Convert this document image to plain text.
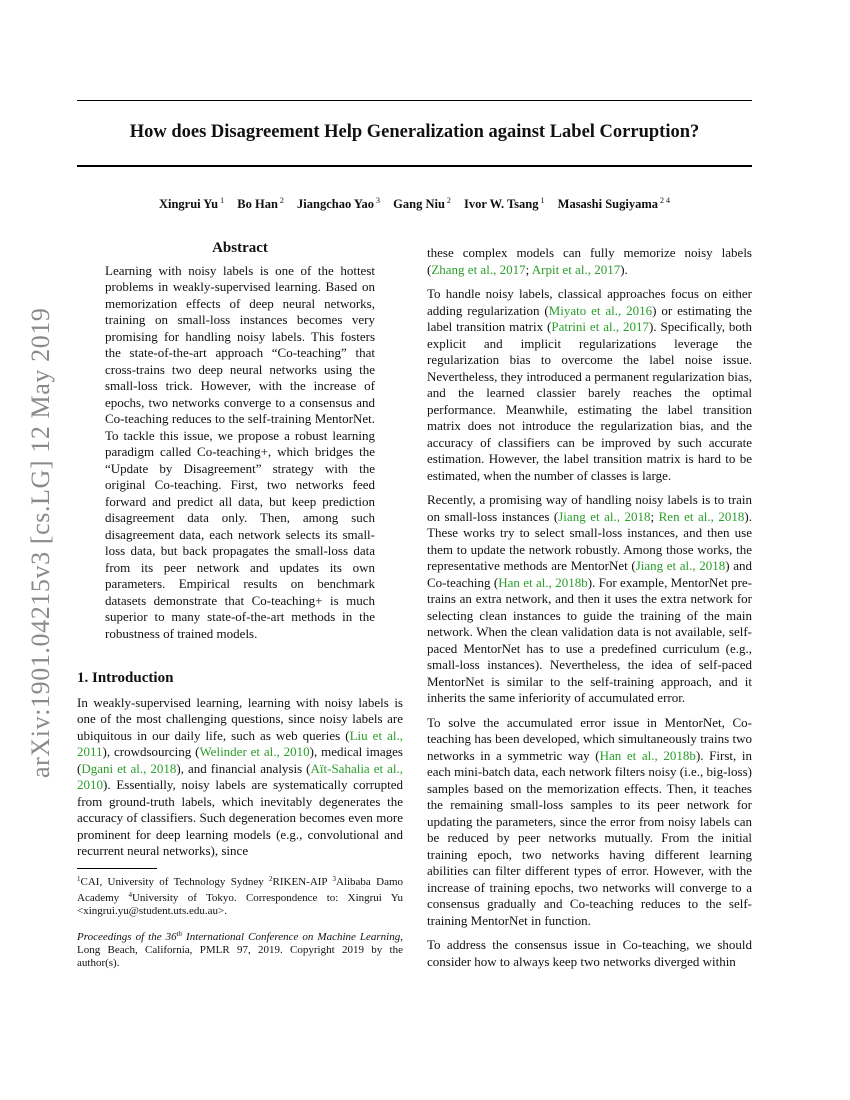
How does Disagreement Help Generalization against Label Corruption?
Xingrui Yu $^1$ Bo Han $^2$ Jiangchao Yao $^3$ Gang Niu $^2$ Ivor W. Tsang $^1$ Masashi Sugiyama $^{2 4}$
arXiv:1901.04215v3 [cs.LG] 12 May 2019
Abstract

Learning with noisy labels is one of the hottest problems in weakly-supervised learning. Based on memorization effects of deep neural networks, training on small-loss instances becomes very promising for handling noisy labels. This fosters the state-of-the-art approach “Co-teaching” that cross-trains two deep neural networks using the small-loss trick. However, with the increase of epochs, two networks converge to a consensus and Co-teaching reduces to the self-training MentorNet. To tackle this issue, we propose a robust learning paradigm called Co-teaching+, which bridges the “Update by Disagreement” strategy with the original Co-teaching. First, two networks feed forward and predict all data, but keep prediction disagreement data only. Then, among such disagreement data, each network selects its small-loss data, but back propagates the small-loss data from its peer network and updates its own parameters. Empirical results on benchmark datasets demonstrate that Co-teaching+ is much superior to many state-of-the-art methods in the robustness of trained models.

1. Introduction

In weakly-supervised learning, learning with noisy labels is one of the most challenging questions, since noisy labels are ubiquitous in our daily life, such as web queries (Liu et al., 2011), crowdsourcing (Welinder et al., 2010), medical images (Dgani et al., 2018), and financial analysis (Aït-Sahalia et al., 2010). Essentially, noisy labels are systematically corrupted from ground-truth labels, which inevitably degenerates the accuracy of classifiers. Such degeneration becomes even more prominent for deep learning models (e.g., convolutional and recurrent neural networks), since

$^1$CAI, University of Technology Sydney $^2$RIKEN-AIP $^3$Alibaba Damo Academy $^4$University of Tokyo. Correspondence to: Xingrui Yu <xingrui.yu@student.uts.edu.au>.

Proceedings of the 36th International Conference on Machine Learning, Long Beach, California, PMLR 97, 2019. Copyright 2019 by the author(s).

these complex models can fully memorize noisy labels (Zhang et al., 2017; Arpit et al., 2017).

To handle noisy labels, classical approaches focus on either adding regularization (Miyato et al., 2016) or estimating the label transition matrix (Patrini et al., 2017). Specifically, both explicit and implicit regularizations leverage the regularization bias to overcome the label noise issue. Nevertheless, they introduced a permanent regularization bias, and the learned classier barely reaches the optimal performance. Meanwhile, estimating the label transition matrix does not introduce the regularization bias, and the accuracy of classifiers can be improved by such accurate estimation. However, the label transition matrix is hard to be estimated, when the number of classes is large.

Recently, a promising way of handling noisy labels is to train on small-loss instances (Jiang et al., 2018; Ren et al., 2018). These works try to select small-loss instances, and then use them to update the network robustly. Among those works, the representative methods are MentorNet (Jiang et al., 2018) and Co-teaching (Han et al., 2018b). For example, MentorNet pre-trains an extra network, and then it uses the extra network for selecting clean instances to guide the training of the main network. When the clean validation data is not available, self-paced MentorNet has to use a predefined curriculum (e.g., small-loss instances). Nevertheless, the idea of self-paced MentorNet is similar to the self-training approach, and it inherits the same inferiority of accumulated error.

To solve the accumulated error issue in MentorNet, Co-teaching has been developed, which simultaneously trains two networks in a symmetric way (Han et al., 2018b). First, in each mini-batch data, each network filters noisy (i.e., big-loss) samples based on the memorization effects. Then, it teaches the remaining small-loss samples to its peer network for updating the parameters, since the error from noisy labels can be reduced by peer networks mutually. From the initial training epoch, two networks having different learning abilities can filter different types of error. However, with the increase of training epochs, two networks will converge to a consensus gradually and Co-teaching reduces to the self-training MentorNet in function.

To address the consensus issue in Co-teaching, we should consider how to always keep two networks diverged within
